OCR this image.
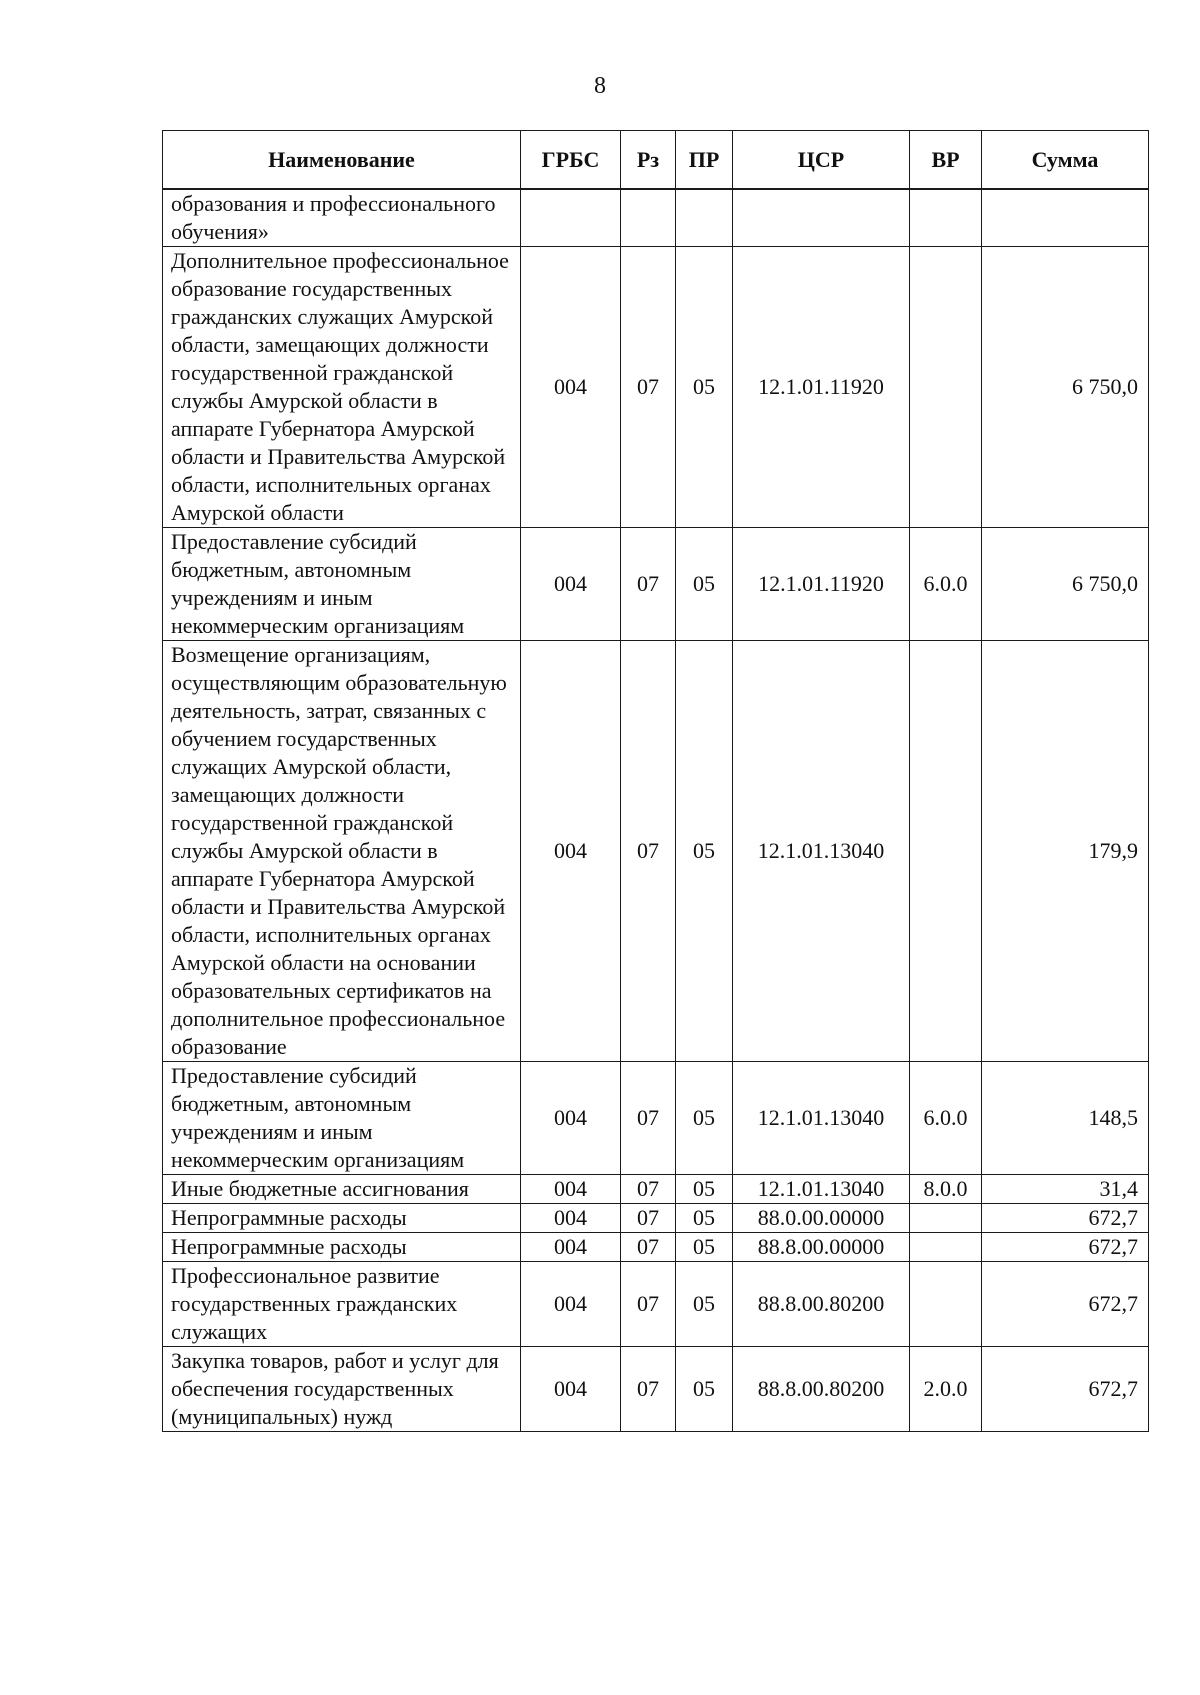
8
Наименование	ГРБС	Рз	ПР	ЦСР	ВР	Сумма
образования и профессионального обучения»						
Дополнительное профессиональное образование государственных гражданских служащих Амурской области, замещающих должности государственной гражданской службы Амурской области в аппарате Губернатора Амурской области и Правительства Амурской области, исполнительных органах Амурской области	004	07	05	12.1.01.11920		6 750,0
Предоставление субсидий бюджетным, автономным учреждениям и иным некоммерческим организациям	004	07	05	12.1.01.11920	6.0.0	6 750,0
Возмещение организациям, осуществляющим образовательную деятельность, затрат, связанных с обучением государственных служащих Амурской области, замещающих должности государственной гражданской службы Амурской области в аппарате Губернатора Амурской области и Правительства Амурской области, исполнительных органах Амурской области на основании образовательных сертификатов на дополнительное профессиональное образование	004	07	05	12.1.01.13040		179,9
Предоставление субсидий бюджетным, автономным учреждениям и иным некоммерческим организациям	004	07	05	12.1.01.13040	6.0.0	148,5
Иные бюджетные ассигнования	004	07	05	12.1.01.13040	8.0.0	31,4
Непрограммные расходы	004	07	05	88.0.00.00000		672,7
Непрограммные расходы	004	07	05	88.8.00.00000		672,7
Профессиональное развитие государственных гражданских служащих	004	07	05	88.8.00.80200		672,7
Закупка товаров, работ и услуг для обеспечения государственных (муниципальных) нужд	004	07	05	88.8.00.80200	2.0.0	672,7
